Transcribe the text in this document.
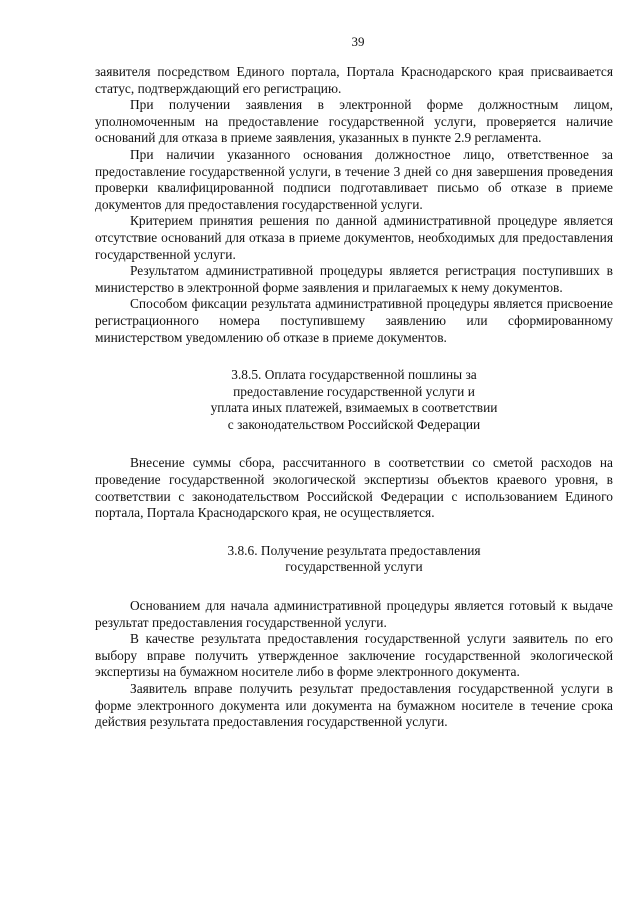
39

заявителя посредством Единого портала, Портала Краснодарского края присваивается статус, подтверждающий его регистрацию.

При получении заявления в электронной форме должностным лицом, уполномоченным на предоставление государственной услуги, проверяется наличие оснований для отказа в приеме заявления, указанных в пункте 2.9 регламента.

При наличии указанного основания должностное лицо, ответственное за предоставление государственной услуги, в течение 3 дней со дня завершения проведения проверки квалифицированной подписи подготавливает письмо об отказе в приеме документов для предоставления государственной услуги.

Критерием принятия решения по данной административной процедуре является отсутствие оснований для отказа в приеме документов, необходимых для предоставления государственной услуги.

Результатом административной процедуры является регистрация поступивших в министерство в электронной форме заявления и прилагаемых к нему документов.

Способом фиксации результата административной процедуры является присвоение регистрационного номера поступившему заявлению или сформированному министерством уведомлению об отказе в приеме документов.

3.8.5. Оплата государственной пошлины за
предоставление государственной услуги и
уплата иных платежей, взимаемых в соответствии
с законодательством Российской Федерации

Внесение суммы сбора, рассчитанного в соответствии со сметой расходов на проведение государственной экологической экспертизы объектов краевого уровня, в соответствии с законодательством Российской Федерации с использованием Единого портала, Портала Краснодарского края, не осуществляется.

3.8.6. Получение результата предоставления
государственной услуги

Основанием для начала административной процедуры является готовый к выдаче результат предоставления государственной услуги.

В качестве результата предоставления государственной услуги заявитель по его выбору вправе получить утвержденное заключение государственной экологической экспертизы на бумажном носителе либо в форме электронного документа.

Заявитель вправе получить результат предоставления государственной услуги в форме электронного документа или документа на бумажном носителе в течение срока действия результата предоставления государственной услуги.
